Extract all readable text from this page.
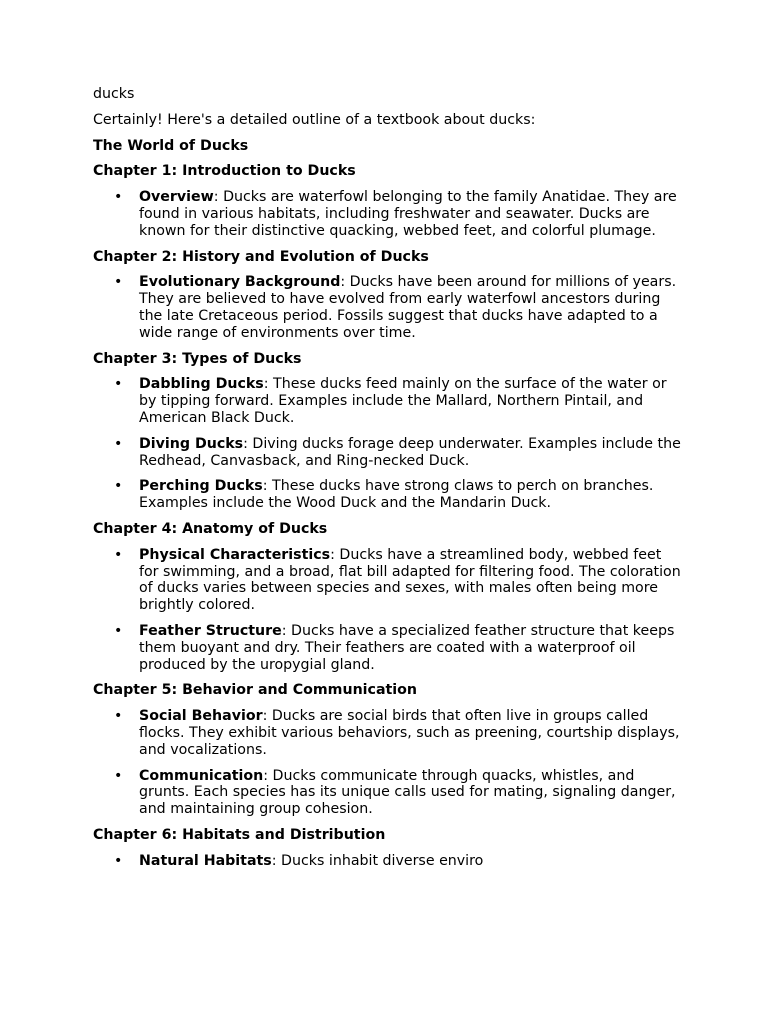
ducks

Certainly! Here's a detailed outline of a textbook about ducks:

The World of Ducks

Chapter 1: Introduction to Ducks

• Overview: Ducks are waterfowl belonging to the family Anatidae. They are found in various habitats, including freshwater and seawater. Ducks are known for their distinctive quacking, webbed feet, and colorful plumage.

Chapter 2: History and Evolution of Ducks

• Evolutionary Background: Ducks have been around for millions of years. They are believed to have evolved from early waterfowl ancestors during the late Cretaceous period. Fossils suggest that ducks have adapted to a wide range of environments over time.

Chapter 3: Types of Ducks

• Dabbling Ducks: These ducks feed mainly on the surface of the water or by tipping forward. Examples include the Mallard, Northern Pintail, and American Black Duck.
• Diving Ducks: Diving ducks forage deep underwater. Examples include the Redhead, Canvasback, and Ring-necked Duck.
• Perching Ducks: These ducks have strong claws to perch on branches. Examples include the Wood Duck and the Mandarin Duck.

Chapter 4: Anatomy of Ducks

• Physical Characteristics: Ducks have a streamlined body, webbed feet for swimming, and a broad, flat bill adapted for filtering food. The coloration of ducks varies between species and sexes, with males often being more brightly colored.
• Feather Structure: Ducks have a specialized feather structure that keeps them buoyant and dry. Their feathers are coated with a waterproof oil produced by the uropygial gland.

Chapter 5: Behavior and Communication

• Social Behavior: Ducks are social birds that often live in groups called flocks. They exhibit various behaviors, such as preening, courtship displays, and vocalizations.
• Communication: Ducks communicate through quacks, whistles, and grunts. Each species has its unique calls used for mating, signaling danger, and maintaining group cohesion.

Chapter 6: Habitats and Distribution

• Natural Habitats: Ducks inhabit diverse enviro
